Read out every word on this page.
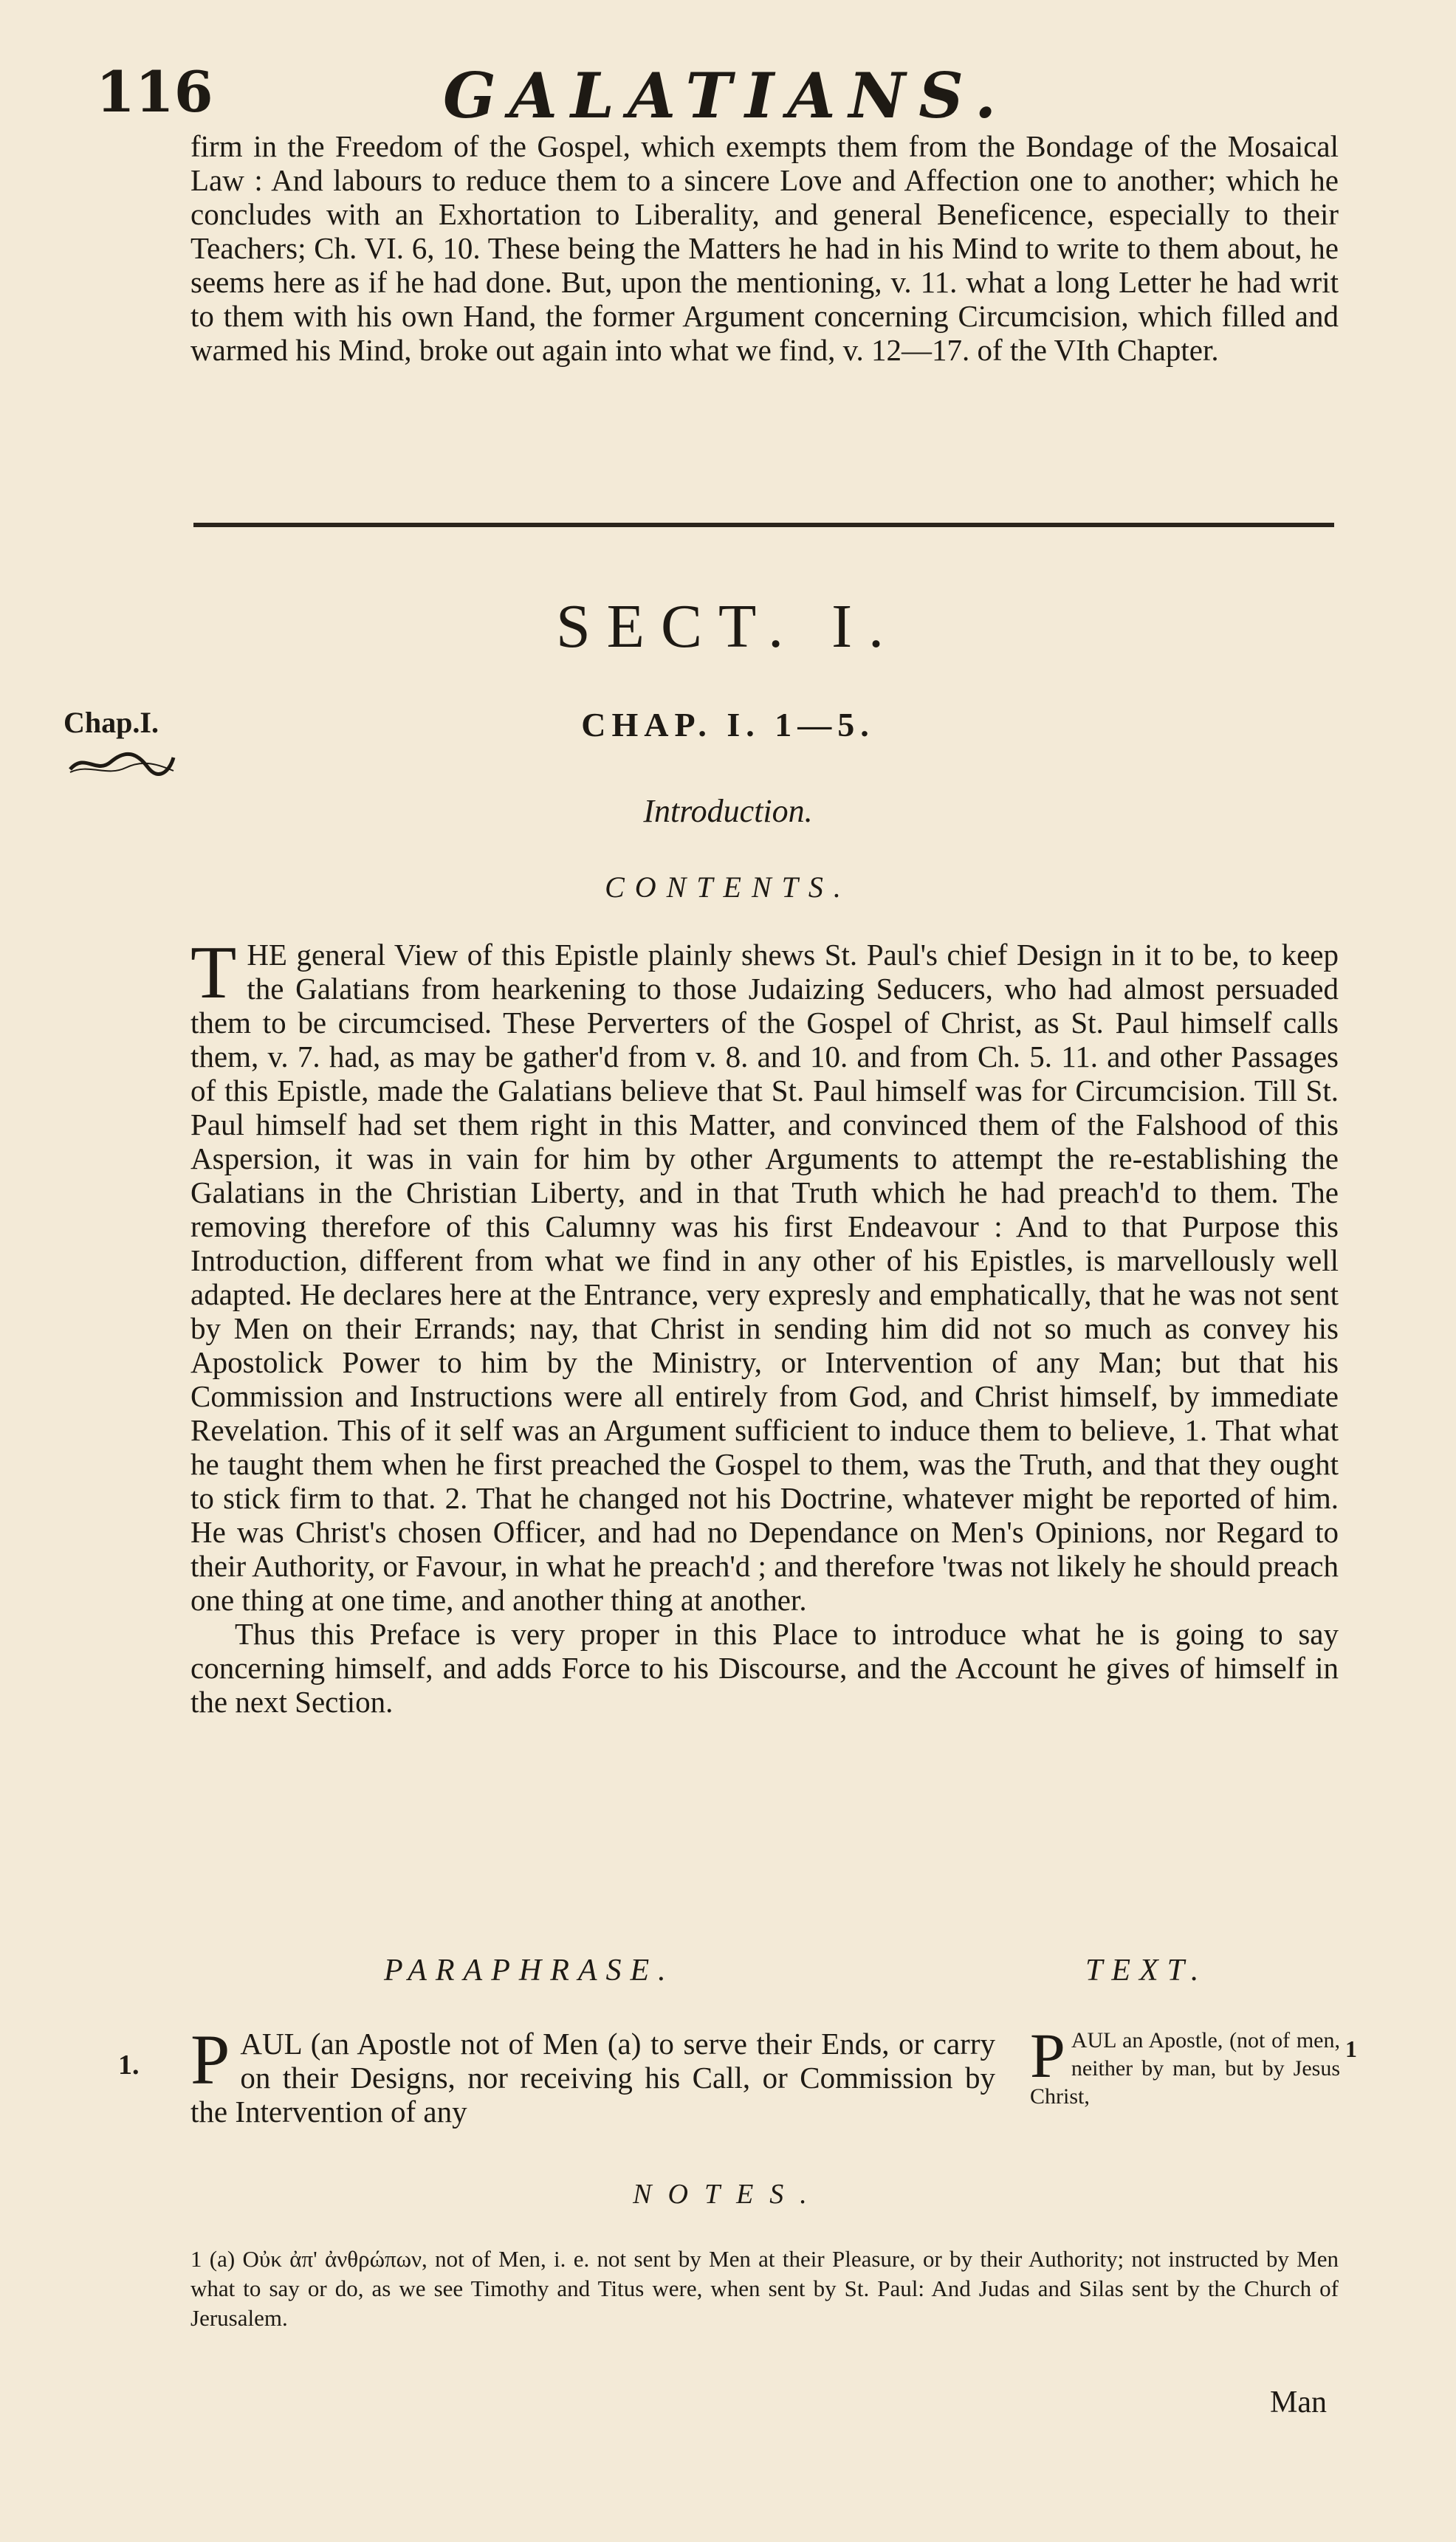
116	GALATIANS.
firm in the Freedom of the Gospel, which exempts them from the Bondage of the Mosaical Law : And labours to reduce them to a sincere Love and Affection one to another; which he concludes with an Exhortation to Liberality, and general Beneficence, especially to their Teachers; Ch. VI. 6, 10. These being the Matters he had in his Mind to write to them about, he seems here as if he had done. But, upon the mentioning, v. 11. what a long Letter he had writ to them with his own Hand, the former Argument concerning Circumcision, which filled and warmed his Mind, broke out again into what we find, v. 12—17. of the VIth Chapter.
SECT. I.
Chap.I.	CHAP. I. 1—5.
Introduction.
CONTENTS.

THE general View of this Epistle plainly shews St. Paul's chief Design in it to be, to keep the Galatians from hearkening to those Judaizing Seducers, who had almost persuaded them to be circumcised. These Perverters of the Gospel of Christ, as St. Paul himself calls them, v. 7. had, as may be gather'd from v. 8. and 10. and from Ch. 5. 11. and other Passages of this Epistle, made the Galatians believe that St. Paul himself was for Circumcision. Till St. Paul himself had set them right in this Matter, and convinced them of the Falshood of this Aspersion, it was in vain for him by other Arguments to attempt the re-establishing the Galatians in the Christian Liberty, and in that Truth which he had preach'd to them. The removing therefore of this Calumny was his first Endeavour : And to that Purpose this Introduction, different from what we find in any other of his Epistles, is marvellously well adapted. He declares here at the Entrance, very expresly and emphatically, that he was not sent by Men on their Errands; nay, that Christ in sending him did not so much as convey his Apostolick Power to him by the Ministry, or Intervention of any Man; but that his Commission and Instructions were all entirely from God, and Christ himself, by immediate Revelation. This of it self was an Argument sufficient to induce them to believe, 1. That what he taught them when he first preached the Gospel to them, was the Truth, and that they ought to stick firm to that. 2. That he changed not his Doctrine, whatever might be reported of him. He was Christ's chosen Officer, and had no Dependance on Men's Opinions, nor Regard to their Authority, or Favour, in what he preach'd ; and therefore 'twas not likely he should preach one thing at one time, and another thing at another.

Thus this Preface is very proper in this Place to introduce what he is going to say concerning himself, and adds Force to his Discourse, and the Account he gives of himself in the next Section.

PARAPHRASE.	TEXT.
1. PAUL (an Apostle not of Men (a) to serve their Ends, or carry on their Designs, nor receiving his Call, or Commission by the Intervention of any
PAUL an Apostle, (not of men, neither by man, but by Jesus Christ,
1
NOTES.
1 (a) Οὐκ ἀπ' ἀνθρώπων, not of Men, i. e. not sent by Men at their Pleasure, or by their Authority; not instructed by Men what to say or do, as we see Timothy and Titus were, when sent by St. Paul: And Judas and Silas sent by the Church of Jerusalem.
Man
